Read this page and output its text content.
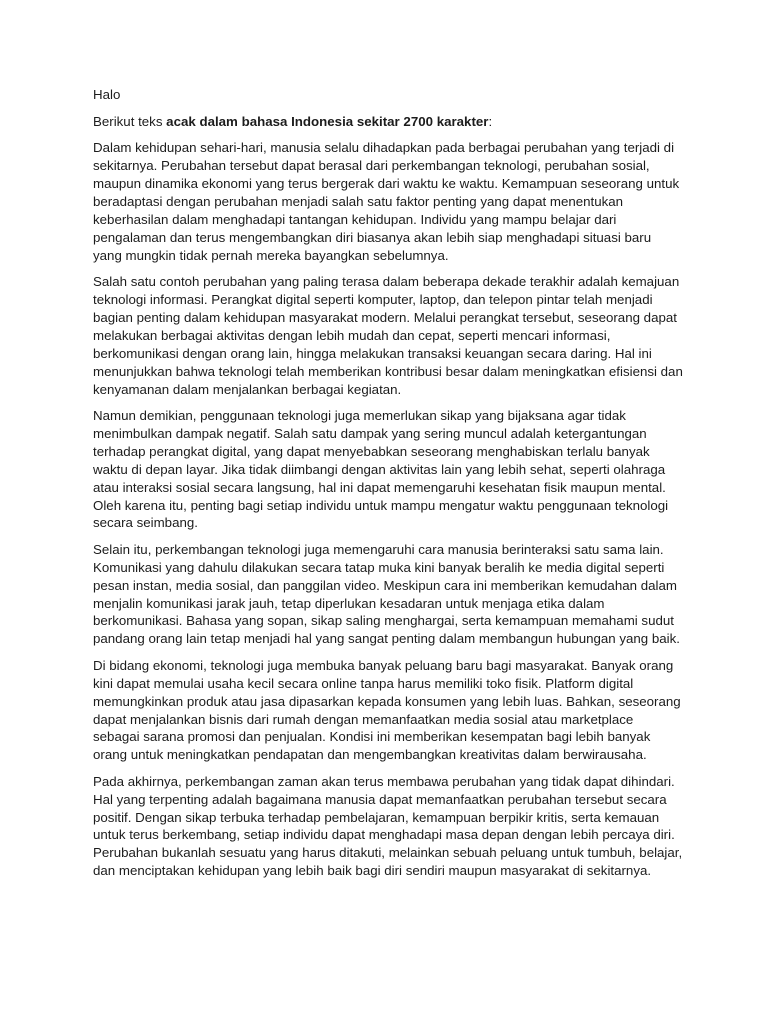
Halo

Berikut teks acak dalam bahasa Indonesia sekitar 2700 karakter:

Dalam kehidupan sehari-hari, manusia selalu dihadapkan pada berbagai perubahan yang terjadi di sekitarnya. Perubahan tersebut dapat berasal dari perkembangan teknologi, perubahan sosial, maupun dinamika ekonomi yang terus bergerak dari waktu ke waktu. Kemampuan seseorang untuk beradaptasi dengan perubahan menjadi salah satu faktor penting yang dapat menentukan keberhasilan dalam menghadapi tantangan kehidupan. Individu yang mampu belajar dari pengalaman dan terus mengembangkan diri biasanya akan lebih siap menghadapi situasi baru yang mungkin tidak pernah mereka bayangkan sebelumnya.

Salah satu contoh perubahan yang paling terasa dalam beberapa dekade terakhir adalah kemajuan teknologi informasi. Perangkat digital seperti komputer, laptop, dan telepon pintar telah menjadi bagian penting dalam kehidupan masyarakat modern. Melalui perangkat tersebut, seseorang dapat melakukan berbagai aktivitas dengan lebih mudah dan cepat, seperti mencari informasi, berkomunikasi dengan orang lain, hingga melakukan transaksi keuangan secara daring. Hal ini menunjukkan bahwa teknologi telah memberikan kontribusi besar dalam meningkatkan efisiensi dan kenyamanan dalam menjalankan berbagai kegiatan.

Namun demikian, penggunaan teknologi juga memerlukan sikap yang bijaksana agar tidak menimbulkan dampak negatif. Salah satu dampak yang sering muncul adalah ketergantungan terhadap perangkat digital, yang dapat menyebabkan seseorang menghabiskan terlalu banyak waktu di depan layar. Jika tidak diimbangi dengan aktivitas lain yang lebih sehat, seperti olahraga atau interaksi sosial secara langsung, hal ini dapat memengaruhi kesehatan fisik maupun mental. Oleh karena itu, penting bagi setiap individu untuk mampu mengatur waktu penggunaan teknologi secara seimbang.

Selain itu, perkembangan teknologi juga memengaruhi cara manusia berinteraksi satu sama lain. Komunikasi yang dahulu dilakukan secara tatap muka kini banyak beralih ke media digital seperti pesan instan, media sosial, dan panggilan video. Meskipun cara ini memberikan kemudahan dalam menjalin komunikasi jarak jauh, tetap diperlukan kesadaran untuk menjaga etika dalam berkomunikasi. Bahasa yang sopan, sikap saling menghargai, serta kemampuan memahami sudut pandang orang lain tetap menjadi hal yang sangat penting dalam membangun hubungan yang baik.

Di bidang ekonomi, teknologi juga membuka banyak peluang baru bagi masyarakat. Banyak orang kini dapat memulai usaha kecil secara online tanpa harus memiliki toko fisik. Platform digital memungkinkan produk atau jasa dipasarkan kepada konsumen yang lebih luas. Bahkan, seseorang dapat menjalankan bisnis dari rumah dengan memanfaatkan media sosial atau marketplace sebagai sarana promosi dan penjualan. Kondisi ini memberikan kesempatan bagi lebih banyak orang untuk meningkatkan pendapatan dan mengembangkan kreativitas dalam berwirausaha.

Pada akhirnya, perkembangan zaman akan terus membawa perubahan yang tidak dapat dihindari. Hal yang terpenting adalah bagaimana manusia dapat memanfaatkan perubahan tersebut secara positif. Dengan sikap terbuka terhadap pembelajaran, kemampuan berpikir kritis, serta kemauan untuk terus berkembang, setiap individu dapat menghadapi masa depan dengan lebih percaya diri. Perubahan bukanlah sesuatu yang harus ditakuti, melainkan sebuah peluang untuk tumbuh, belajar, dan menciptakan kehidupan yang lebih baik bagi diri sendiri maupun masyarakat di sekitarnya.
